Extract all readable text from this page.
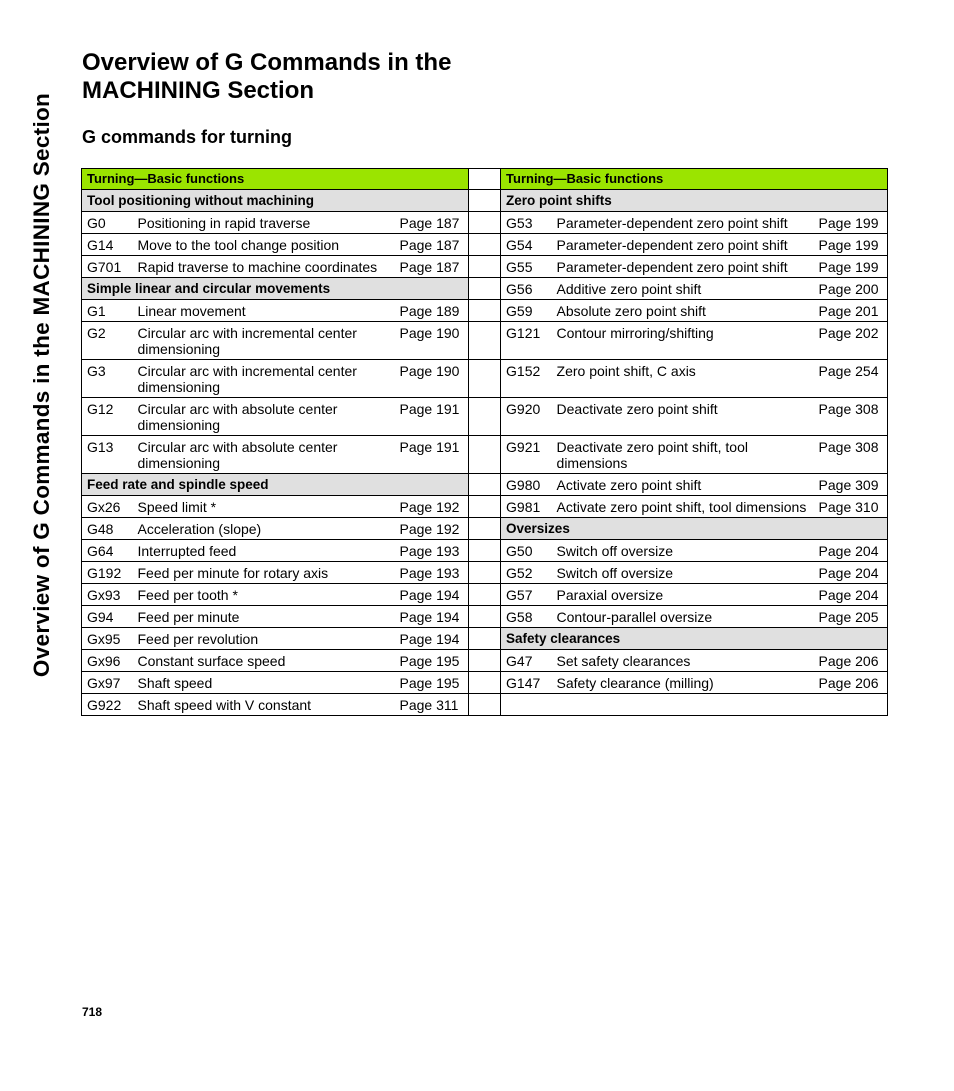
Overview of G Commands in the MACHINING Section
Overview of G Commands in the
MACHINING Section
G commands for turning
Turning—Basic functions				Turning—Basic functions		
Tool positioning without machining				Zero point shifts		
G0	Positioning in rapid traverse	Page 187		G53	Parameter-dependent zero point shift	Page 199
G14	Move to the tool change position	Page 187		G54	Parameter-dependent zero point shift	Page 199
G701	Rapid traverse to machine coordinates	Page 187		G55	Parameter-dependent zero point shift	Page 199
Simple linear and circular movements				G56	Additive zero point shift	Page 200
G1	Linear movement	Page 189		G59	Absolute zero point shift	Page 201
G2	Circular arc with incremental center dimensioning	Page 190		G121	Contour mirroring/shifting	Page 202
G3	Circular arc with incremental center dimensioning	Page 190		G152	Zero point shift, C axis	Page 254
G12	Circular arc with absolute center dimensioning	Page 191		G920	Deactivate zero point shift	Page 308
G13	Circular arc with absolute center dimensioning	Page 191		G921	Deactivate zero point shift, tool dimensions	Page 308
Feed rate and spindle speed				G980	Activate zero point shift	Page 309
Gx26	Speed limit *	Page 192		G981	Activate zero point shift, tool dimensions	Page 310
G48	Acceleration (slope)	Page 192		Oversizes		
G64	Interrupted feed	Page 193		G50	Switch off oversize	Page 204
G192	Feed per minute for rotary axis	Page 193		G52	Switch off oversize	Page 204
Gx93	Feed per tooth *	Page 194		G57	Paraxial oversize	Page 204
G94	Feed per minute	Page 194		G58	Contour-parallel oversize	Page 205
Gx95	Feed per revolution	Page 194		Safety clearances		
Gx96	Constant surface speed	Page 195		G47	Set safety clearances	Page 206
Gx97	Shaft speed	Page 195		G147	Safety clearance (milling)	Page 206
G922	Shaft speed with V constant	Page 311				
718
